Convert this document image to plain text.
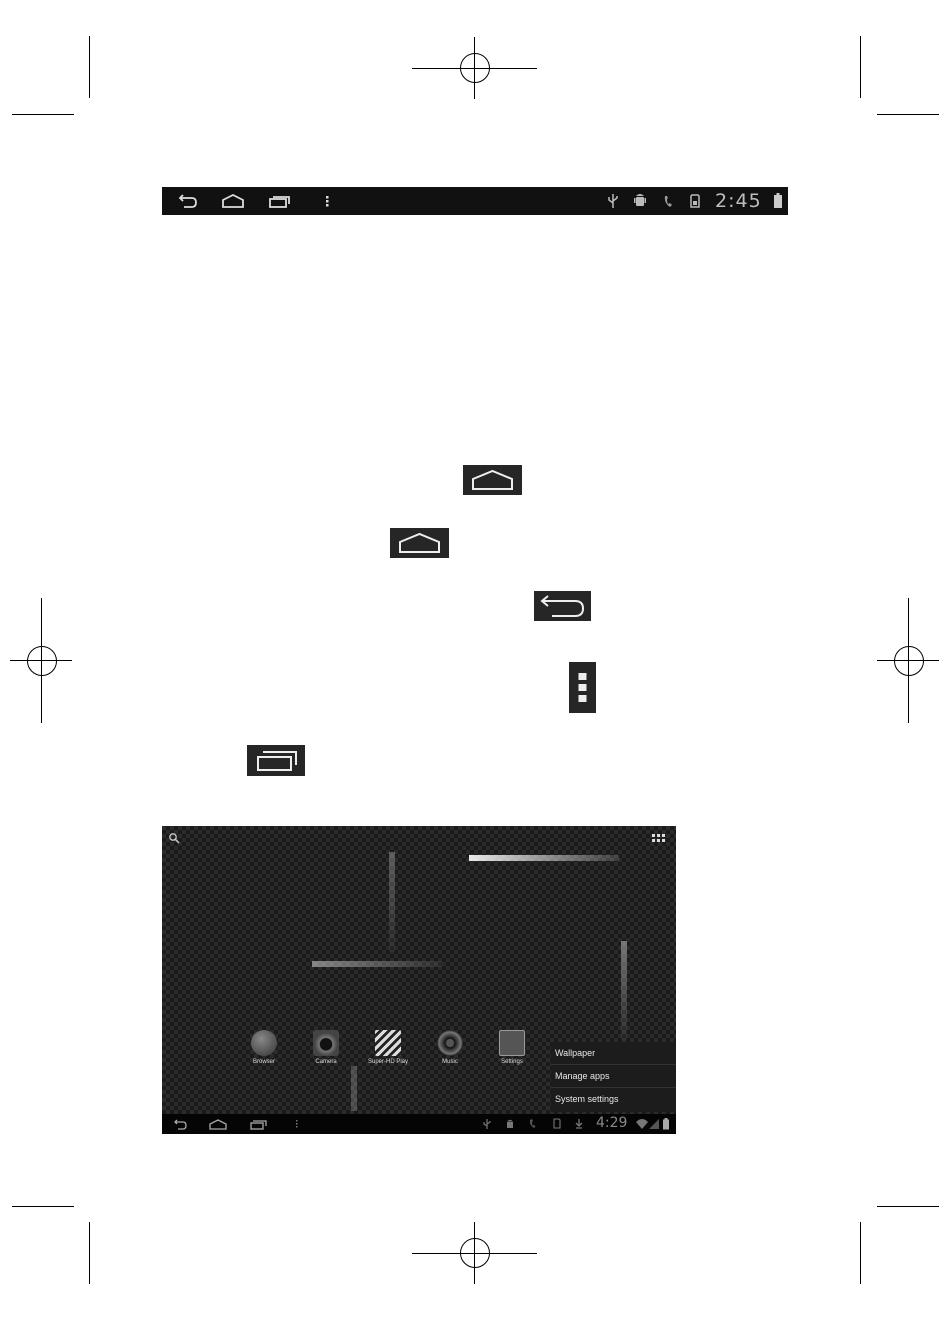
2:45
Browser	Camera	Super-HD Play	Music	Settings
Wallpaper
Manage apps
System settings
4:29
